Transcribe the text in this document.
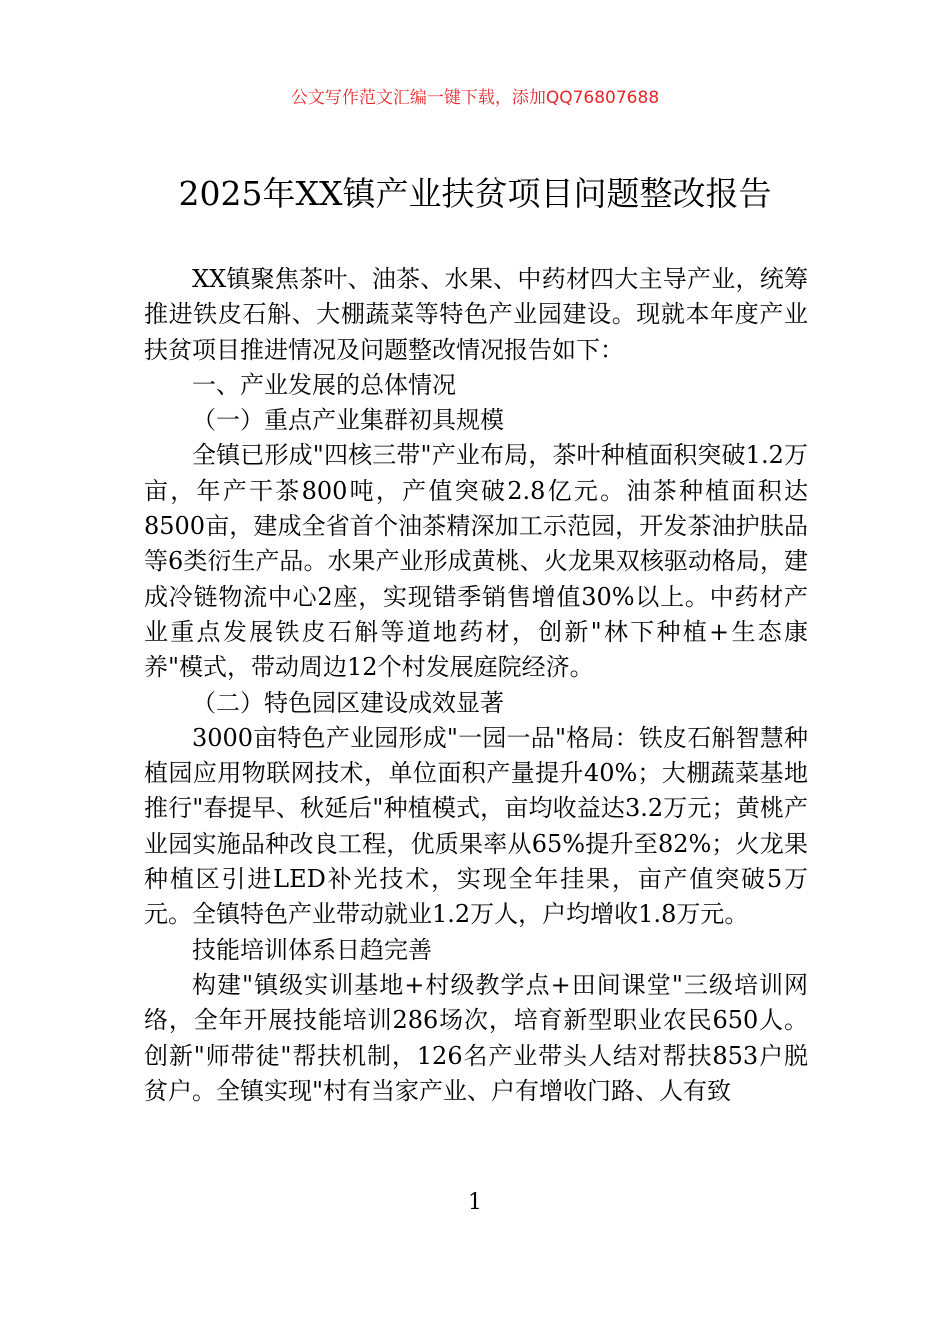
公文写作范文汇编一键下载，添加QQ76807688
2025年XX镇产业扶贫项目问题整改报告

XX镇聚焦茶叶、油茶、水果、中药材四大主导产业，统筹推进铁皮石斛、大棚蔬菜等特色产业园建设。现就本年度产业扶贫项目推进情况及问题整改情况报告如下：

一、产业发展的总体情况

（一）重点产业集群初具规模

全镇已形成"四核三带"产业布局，茶叶种植面积突破1.2万亩，年产干茶800吨，产值突破2.8亿元。油茶种植面积达8500亩，建成全省首个油茶精深加工示范园，开发茶油护肤品等6类衍生产品。水果产业形成黄桃、火龙果双核驱动格局，建成冷链物流中心2座，实现错季销售增值30%以上。中药材产业重点发展铁皮石斛等道地药材，创新"林下种植+生态康养"模式，带动周边12个村发展庭院经济。

（二）特色园区建设成效显著

3000亩特色产业园形成"一园一品"格局：铁皮石斛智慧种植园应用物联网技术，单位面积产量提升40%；大棚蔬菜基地推行"春提早、秋延后"种植模式，亩均收益达3.2万元；黄桃产业园实施品种改良工程，优质果率从65%提升至82%；火龙果种植区引进LED补光技术，实现全年挂果，亩产值突破5万元。全镇特色产业带动就业1.2万人，户均增收1.8万元。

技能培训体系日趋完善

构建"镇级实训基地+村级教学点+田间课堂"三级培训网络，全年开展技能培训286场次，培育新型职业农民650人。创新"师带徒"帮扶机制，126名产业带头人结对帮扶853户脱贫户。全镇实现"村有当家产业、户有增收门路、人有致

1
